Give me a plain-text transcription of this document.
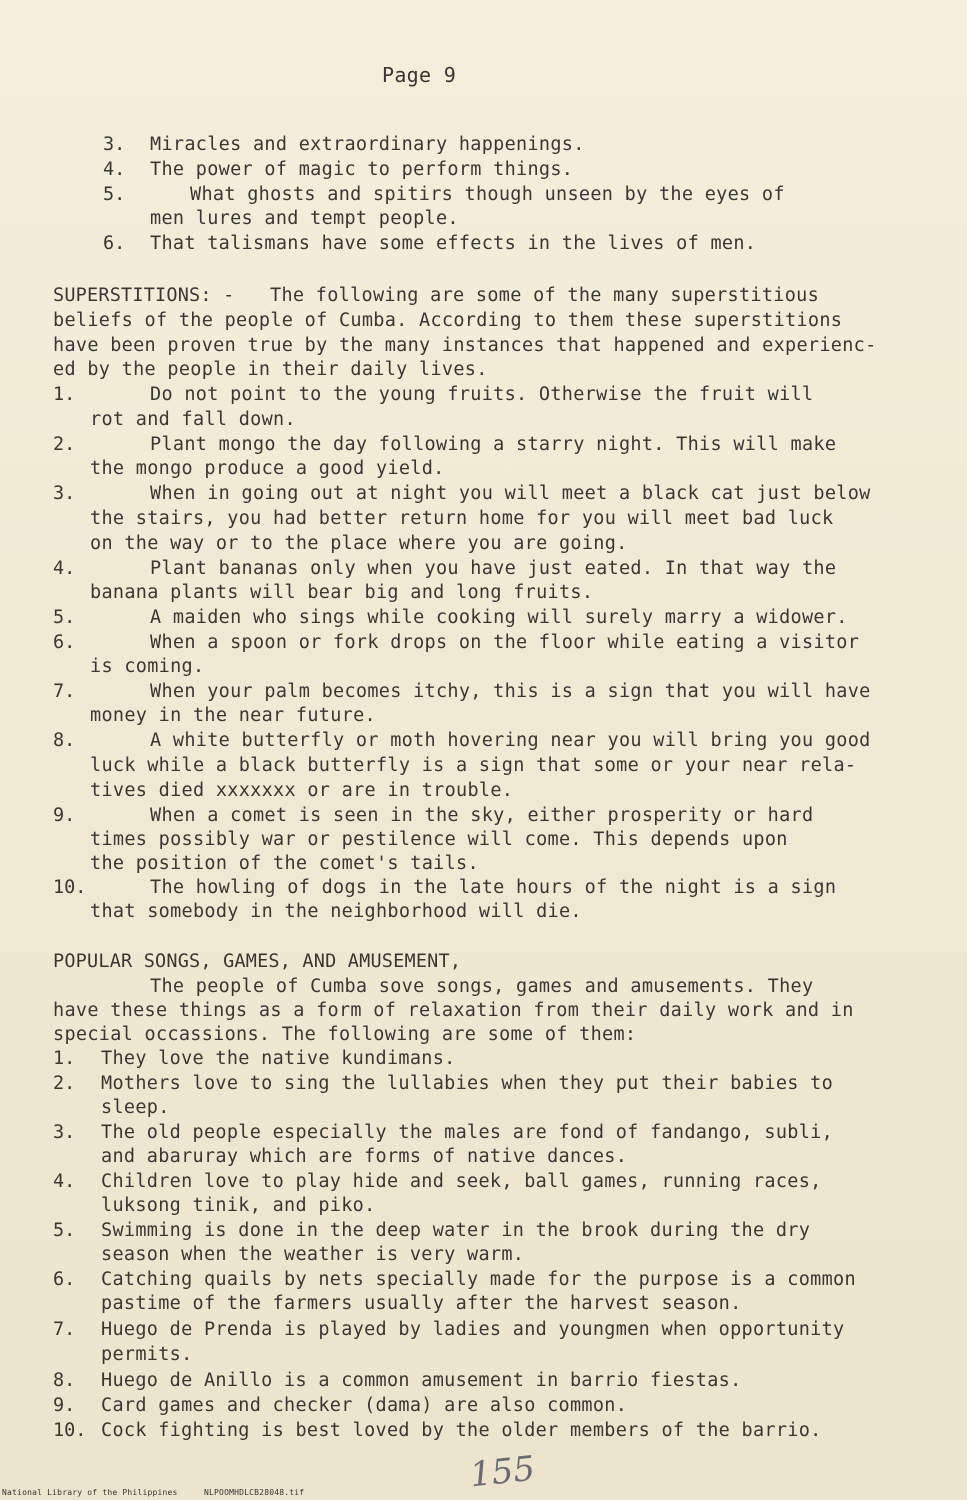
Page 9
3. Miracles and extraordinary happenings.
4. The power of magic to perform things.
5.	What ghosts and spitirs though unseen by the eyes of
men lures and tempt people.
6. That talismans have some effects in the lives of men.
SUPERSTITIONS: - The following are some of the many superstitious
beliefs of the people of Cumba. According to them these superstitions
have been proven true by the many instances that happened and experienc-
ed by the people in their daily lives.
1.	Do not point to the young fruits. Otherwise the fruit will
rot and fall down.
2.	Plant mongo the day following a starry night. This will make
the mongo produce a good yield.
3.	When in going out at night you will meet a black cat just below
the stairs, you had better return home for you will meet bad luck
on the way or to the place where you are going.
4.	Plant bananas only when you have just eated. In that way the
banana plants will bear big and long fruits.
5.	A maiden who sings while cooking will surely marry a widower.
6.	When a spoon or fork drops on the floor while eating a visitor
is coming.
7.	When your palm becomes itchy, this is a sign that you will have
money in the near future.
8.	A white butterfly or moth hovering near you will bring you good
luck while a black butterfly is a sign that some or your near rela-
tives died xxxxxxx or are in trouble.
9.	When a comet is seen in the sky, either prosperity or hard
times possibly war or pestilence will come. This depends upon
the position of the comet's tails.
10.	The howling of dogs in the late hours of the night is a sign
that somebody in the neighborhood will die.
POPULAR SONGS, GAMES, AND AMUSEMENT,
The people of Cumba sove songs, games and amusements. They
have these things as a form of relaxation from their daily work and in
special occassions. The following are some of them:
1. They love the native kundimans.
2. Mothers love to sing the lullabies when they put their babies to
sleep.
3. The old people especially the males are fond of fandango, subli,
and abaruray which are forms of native dances.
4. Children love to play hide and seek, ball games, running races,
luksong tinik, and piko.
5. Swimming is done in the deep water in the brook during the dry
season when the weather is very warm.
6. Catching quails by nets specially made for the purpose is a common
pastime of the farmers usually after the harvest season.
7. Huego de Prenda is played by ladies and youngmen when opportunity
permits.
8. Huego de Anillo is a common amusement in barrio fiestas.
9. Card games and checker (dama) are also common.
10. Cock fighting is best loved by the older members of the barrio.
155
National Library of the Philippines	NLPOOMHDLCB28048.tif
